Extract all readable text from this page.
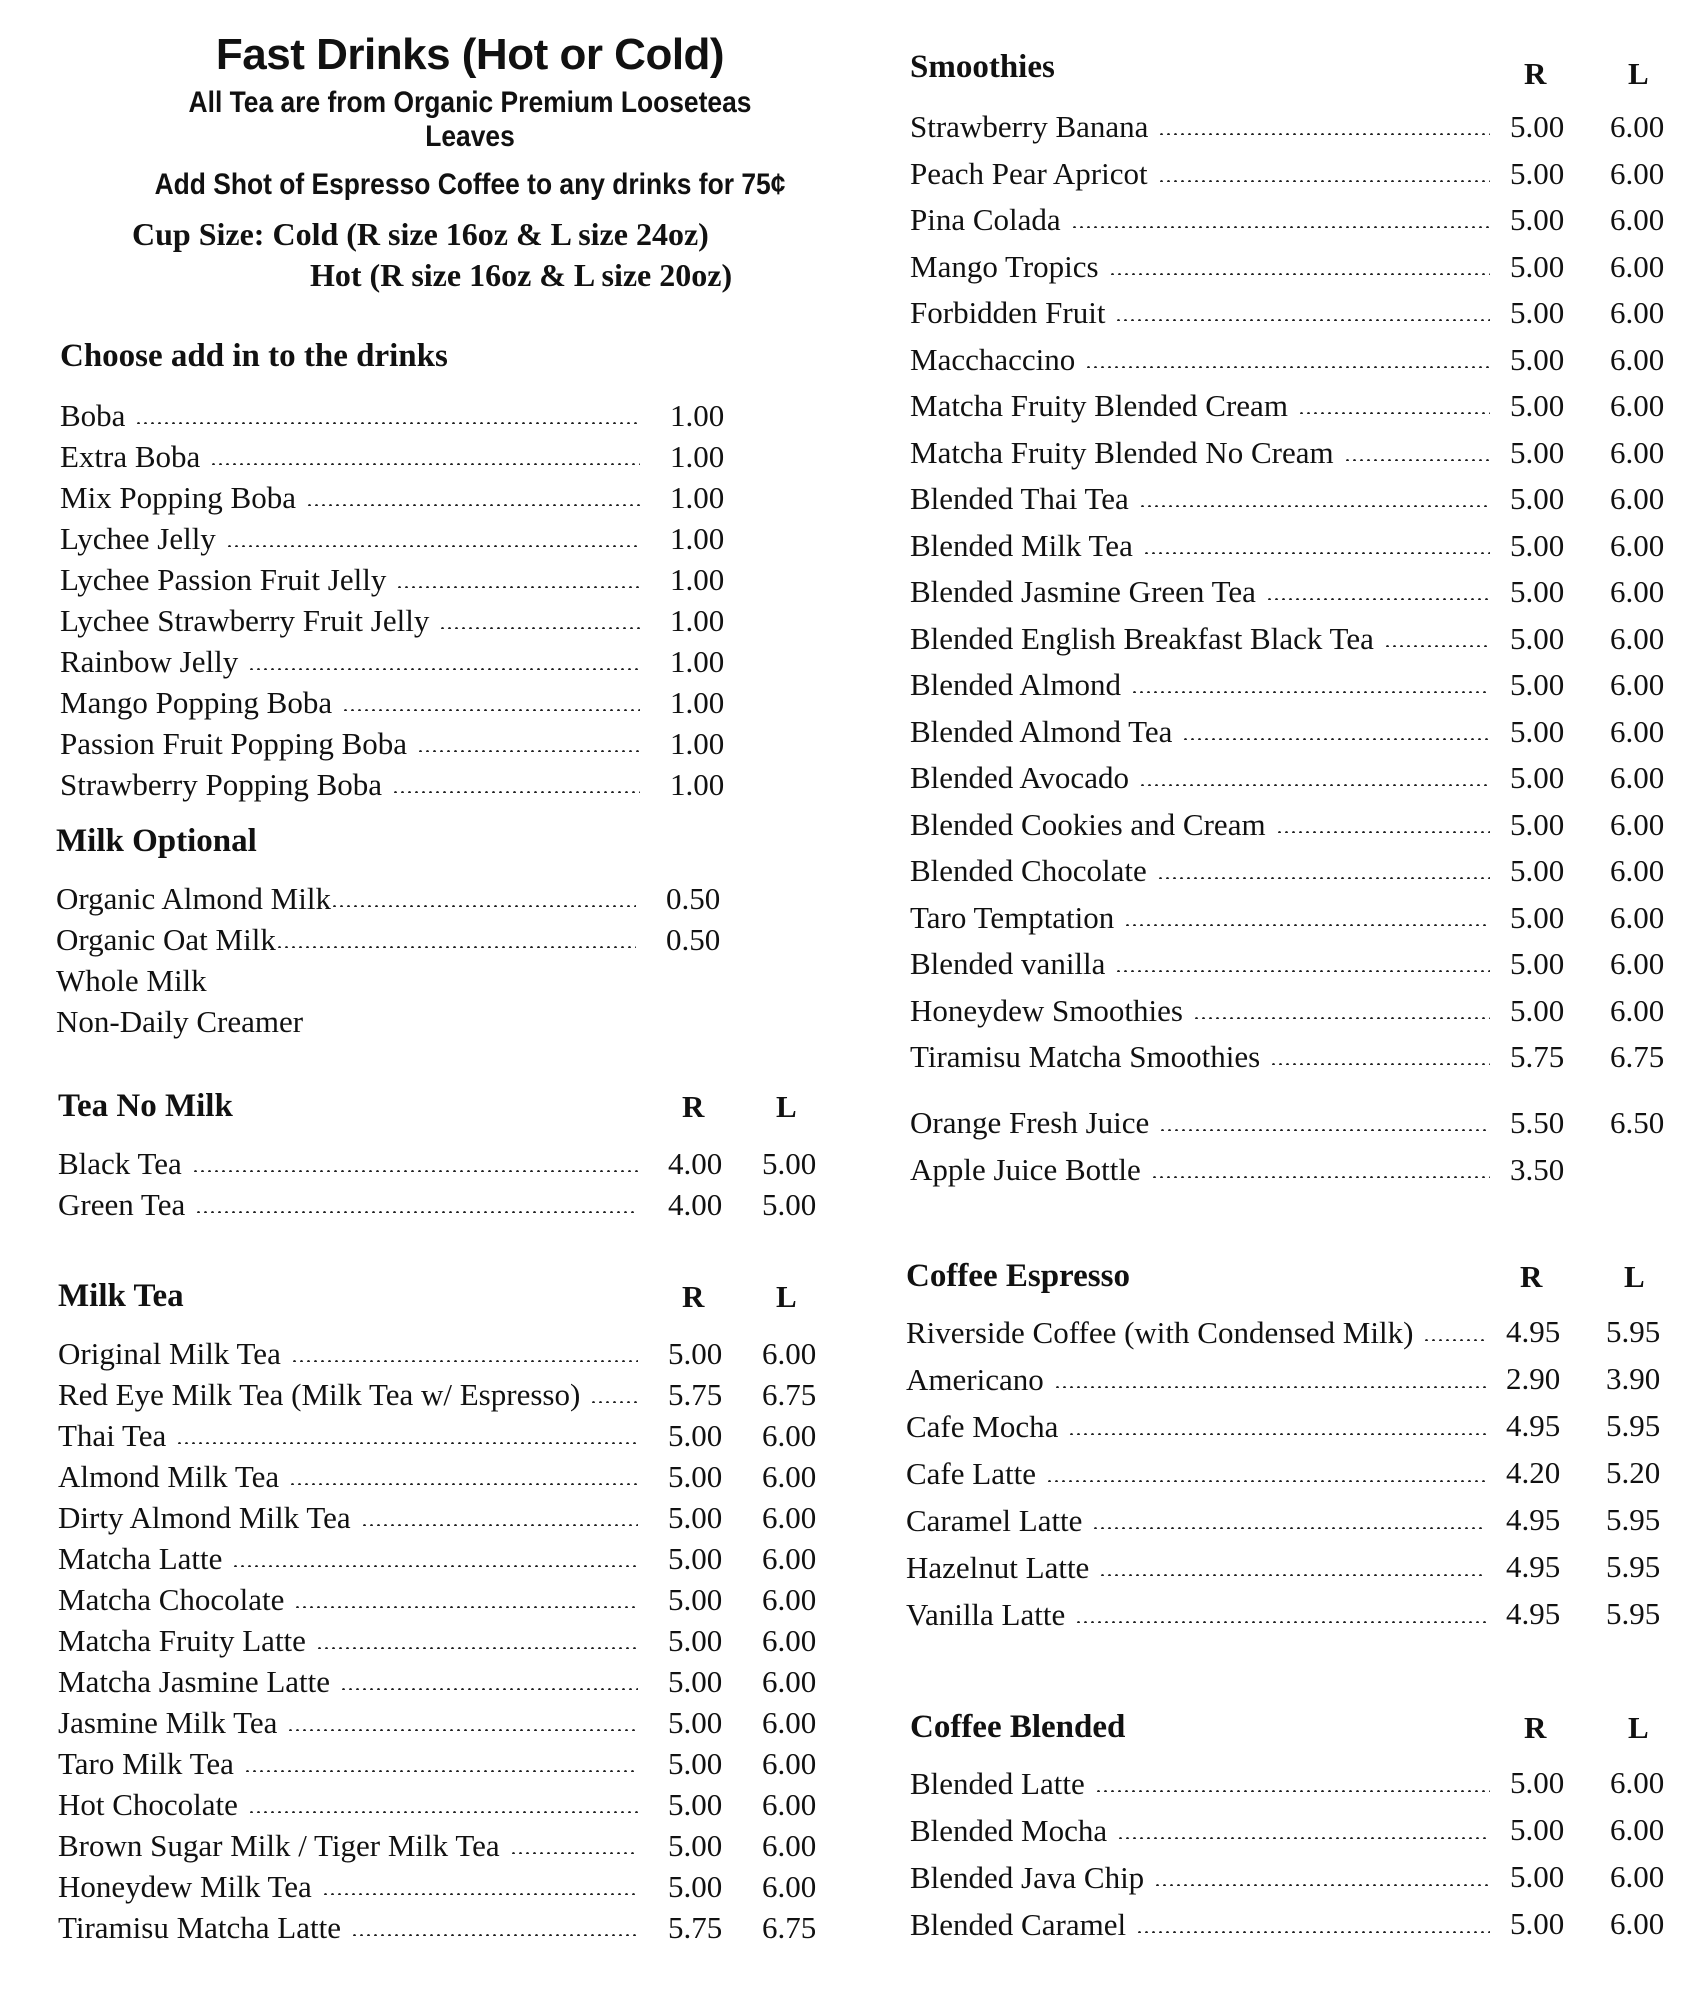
Fast Drinks (Hot or Cold)
All Tea are from Organic Premium Looseteas Leaves
Add Shot of Espresso Coffee to any drinks for 75¢
Cup Size: Cold (R size 16oz & L size 24oz)
Hot (R size 16oz & L size 20oz)
Choose add in to the drinks
Boba	1.00
Extra Boba	1.00
Mix Popping Boba	1.00
Lychee Jelly	1.00
Lychee Passion Fruit Jelly	1.00
Lychee Strawberry Fruit Jelly	1.00
Rainbow Jelly	1.00
Mango Popping Boba	1.00
Passion Fruit Popping Boba	1.00
Strawberry Popping Boba	1.00
Milk Optional
Organic Almond Milk	0.50
Organic Oat Milk	0.50
Whole Milk
Non-Daily Creamer
Tea No Milk	R L
Black Tea	4.00 5.00
Green Tea	4.00 5.00
Milk Tea	R L
Original Milk Tea	5.00 6.00
Red Eye Milk Tea (Milk Tea w/ Espresso)	5.75 6.75
Thai Tea	5.00 6.00
Almond Milk Tea	5.00 6.00
Dirty Almond Milk Tea	5.00 6.00
Matcha Latte	5.00 6.00
Matcha Chocolate	5.00 6.00
Matcha Fruity Latte	5.00 6.00
Matcha Jasmine Latte	5.00 6.00
Jasmine Milk Tea	5.00 6.00
Taro Milk Tea	5.00 6.00
Hot Chocolate	5.00 6.00
Brown Sugar Milk / Tiger Milk Tea	5.00 6.00
Honeydew Milk Tea	5.00 6.00
Tiramisu Matcha Latte	5.75 6.75
Smoothies	R	L
Strawberry Banana	5.00 6.00
Peach Pear Apricot	5.00 6.00
Pina Colada	5.00 6.00
Mango Tropics	5.00 6.00
Forbidden Fruit	5.00 6.00
Macchaccino	5.00 6.00
Matcha Fruity Blended Cream	5.00 6.00
Matcha Fruity Blended No Cream	5.00 6.00
Blended Thai Tea	5.00 6.00
Blended Milk Tea	5.00 6.00
Blended Jasmine Green Tea	5.00 6.00
Blended English Breakfast Black Tea	5.00 6.00
Blended Almond	5.00 6.00
Blended Almond Tea	5.00 6.00
Blended Avocado	5.00 6.00
Blended Cookies and Cream	5.00 6.00
Blended Chocolate	5.00 6.00
Taro Temptation	5.00 6.00
Blended vanilla	5.00 6.00
Honeydew Smoothies	5.00 6.00
Tiramisu Matcha Smoothies	5.75 6.75
Orange Fresh Juice	5.50 6.50
Apple Juice Bottle	3.50
Coffee Espresso	R	L
Riverside Coffee (with Condensed Milk)	4.95 5.95
Americano	2.90 3.90
Cafe Mocha	4.95 5.95
Cafe Latte	4.20 5.20
Caramel Latte	4.95 5.95
Hazelnut Latte	4.95 5.95
Vanilla Latte	4.95 5.95
Coffee Blended	R	L
Blended Latte	5.00 6.00
Blended Mocha	5.00 6.00
Blended Java Chip	5.00 6.00
Blended Caramel	5.00 6.00
